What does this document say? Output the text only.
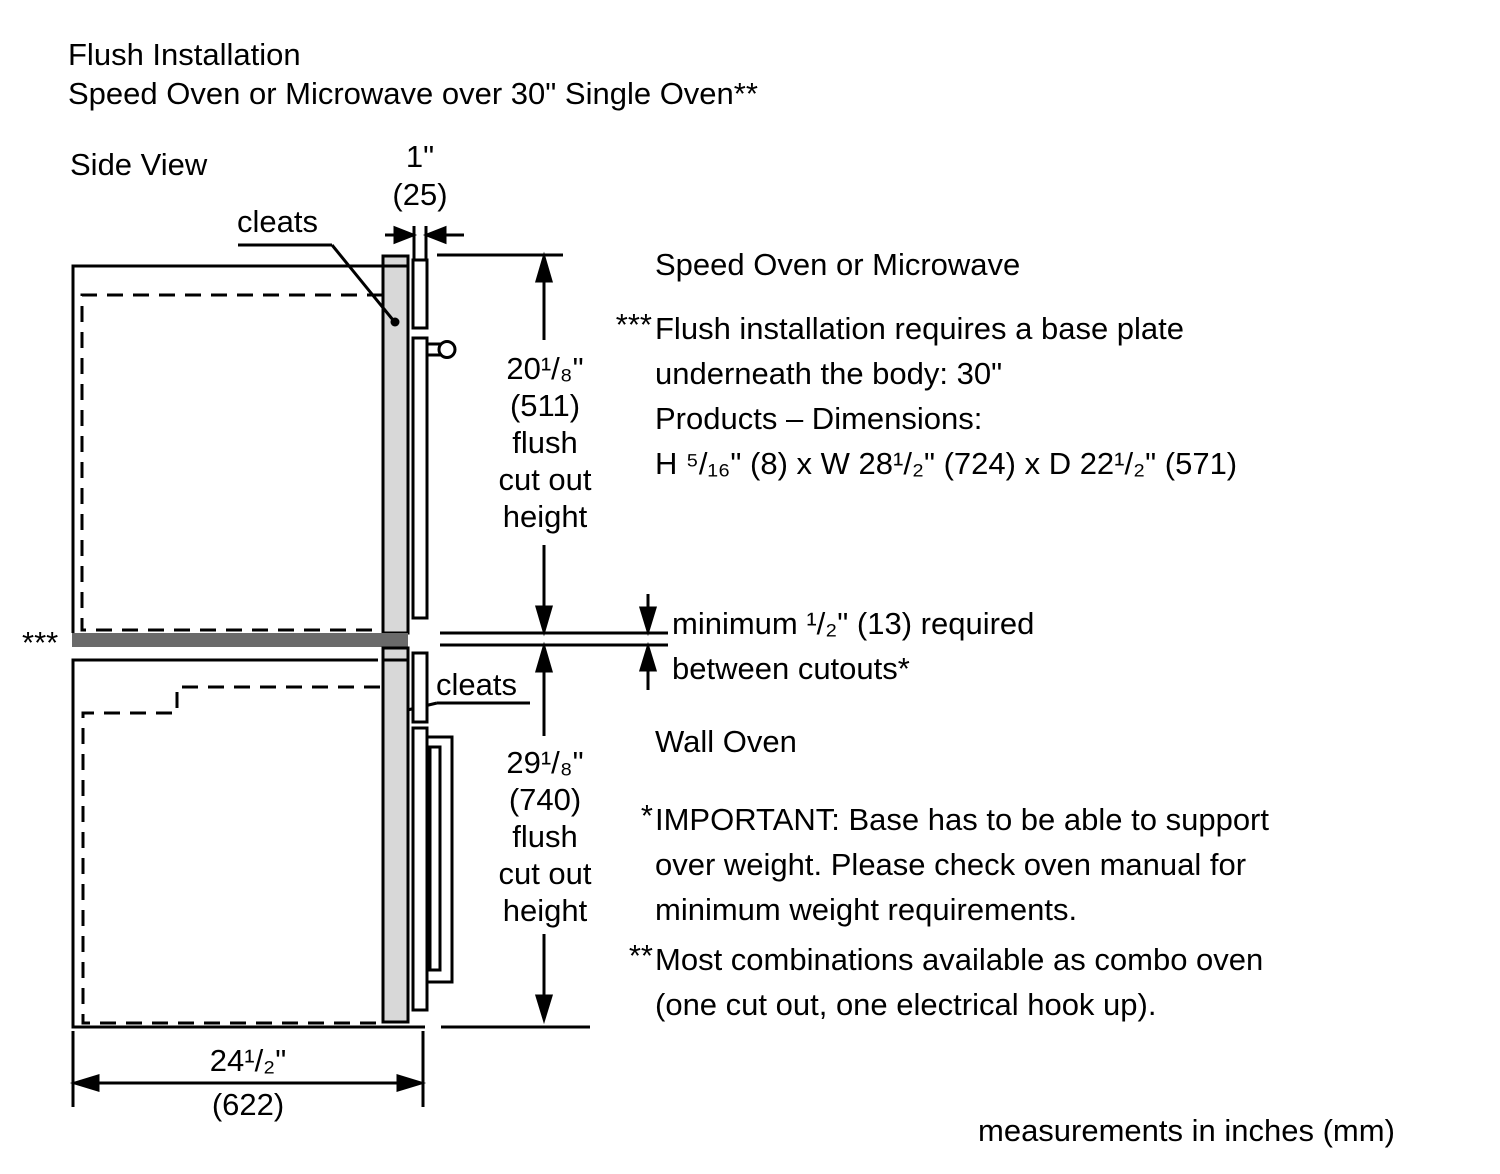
Flush Installation
Speed Oven or Microwave over 30" Single Oven**
Side View
cleats
cleats
1"
(25)
20¹/₈"
(511)
flush
cut out
height
29¹/₈"
(740)
flush
cut out
height
***
24¹/₂"
(622)
Speed Oven or Microwave
*** Flush installation requires a base plate
underneath the body: 30"
Products – Dimensions:
H ⁵/₁₆" (8) x W 28¹/₂" (724) x D 22¹/₂" (571)
minimum ¹/₂" (13) required
between cutouts*
Wall Oven
* IMPORTANT: Base has to be able to support
over weight. Please check oven manual for
minimum weight requirements.
** Most combinations available as combo oven
(one cut out, one electrical hook up).
measurements in inches (mm)
